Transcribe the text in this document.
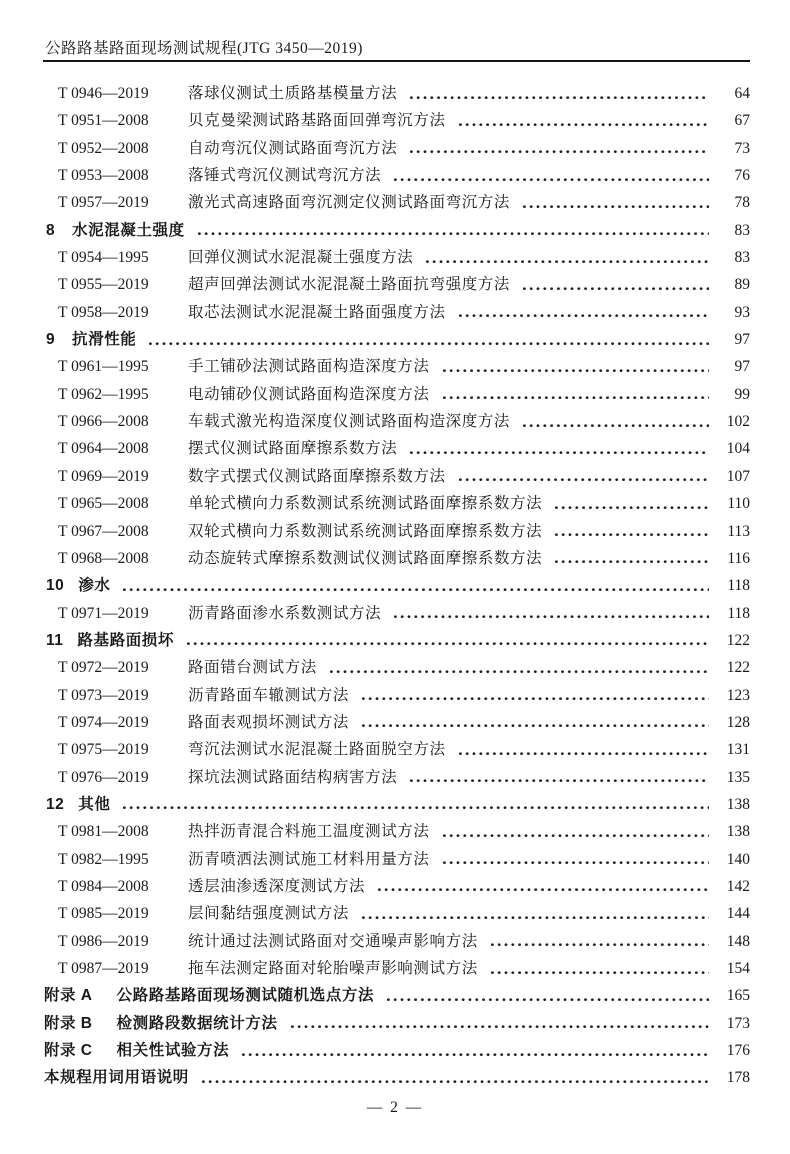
公路路基路面现场测试规程(JTG 3450—2019)
T 0946—2019	落球仪测试土质路基模量方法	64
T 0951—2008	贝克曼梁测试路基路面回弹弯沉方法	67
T 0952—2008	自动弯沉仪测试路面弯沉方法	73
T 0953—2008	落锤式弯沉仪测试弯沉方法	76
T 0957—2019	激光式高速路面弯沉测定仪测试路面弯沉方法	78
8 水泥混凝土强度	83
T 0954—1995	回弹仪测试水泥混凝土强度方法	83
T 0955—2019	超声回弹法测试水泥混凝土路面抗弯强度方法	89
T 0958—2019	取芯法测试水泥混凝土路面强度方法	93
9 抗滑性能	97
T 0961—1995	手工铺砂法测试路面构造深度方法	97
T 0962—1995	电动铺砂仪测试路面构造深度方法	99
T 0966—2008	车载式激光构造深度仪测试路面构造深度方法	102
T 0964—2008	摆式仪测试路面摩擦系数方法	104
T 0969—2019	数字式摆式仪测试路面摩擦系数方法	107
T 0965—2008	单轮式横向力系数测试系统测试路面摩擦系数方法	110
T 0967—2008	双轮式横向力系数测试系统测试路面摩擦系数方法	113
T 0968—2008	动态旋转式摩擦系数测试仪测试路面摩擦系数方法	116
10 渗水	118
T 0971—2019	沥青路面渗水系数测试方法	118
11 路基路面损坏	122
T 0972—2019	路面错台测试方法	122
T 0973—2019	沥青路面车辙测试方法	123
T 0974—2019	路面表观损坏测试方法	128
T 0975—2019	弯沉法测试水泥混凝土路面脱空方法	131
T 0976—2019	探坑法测试路面结构病害方法	135
12 其他	138
T 0981—2008	热拌沥青混合料施工温度测试方法	138
T 0982—1995	沥青喷洒法测试施工材料用量方法	140
T 0984—2008	透层油渗透深度测试方法	142
T 0985—2019	层间黏结强度测试方法	144
T 0986—2019	统计通过法测试路面对交通噪声影响方法	148
T 0987—2019	拖车法测定路面对轮胎噪声影响测试方法	154
附录 A 公路路基路面现场测试随机选点方法	165
附录 B 检测路段数据统计方法	173
附录 C 相关性试验方法	176
本规程用词用语说明	178
— 2 —
